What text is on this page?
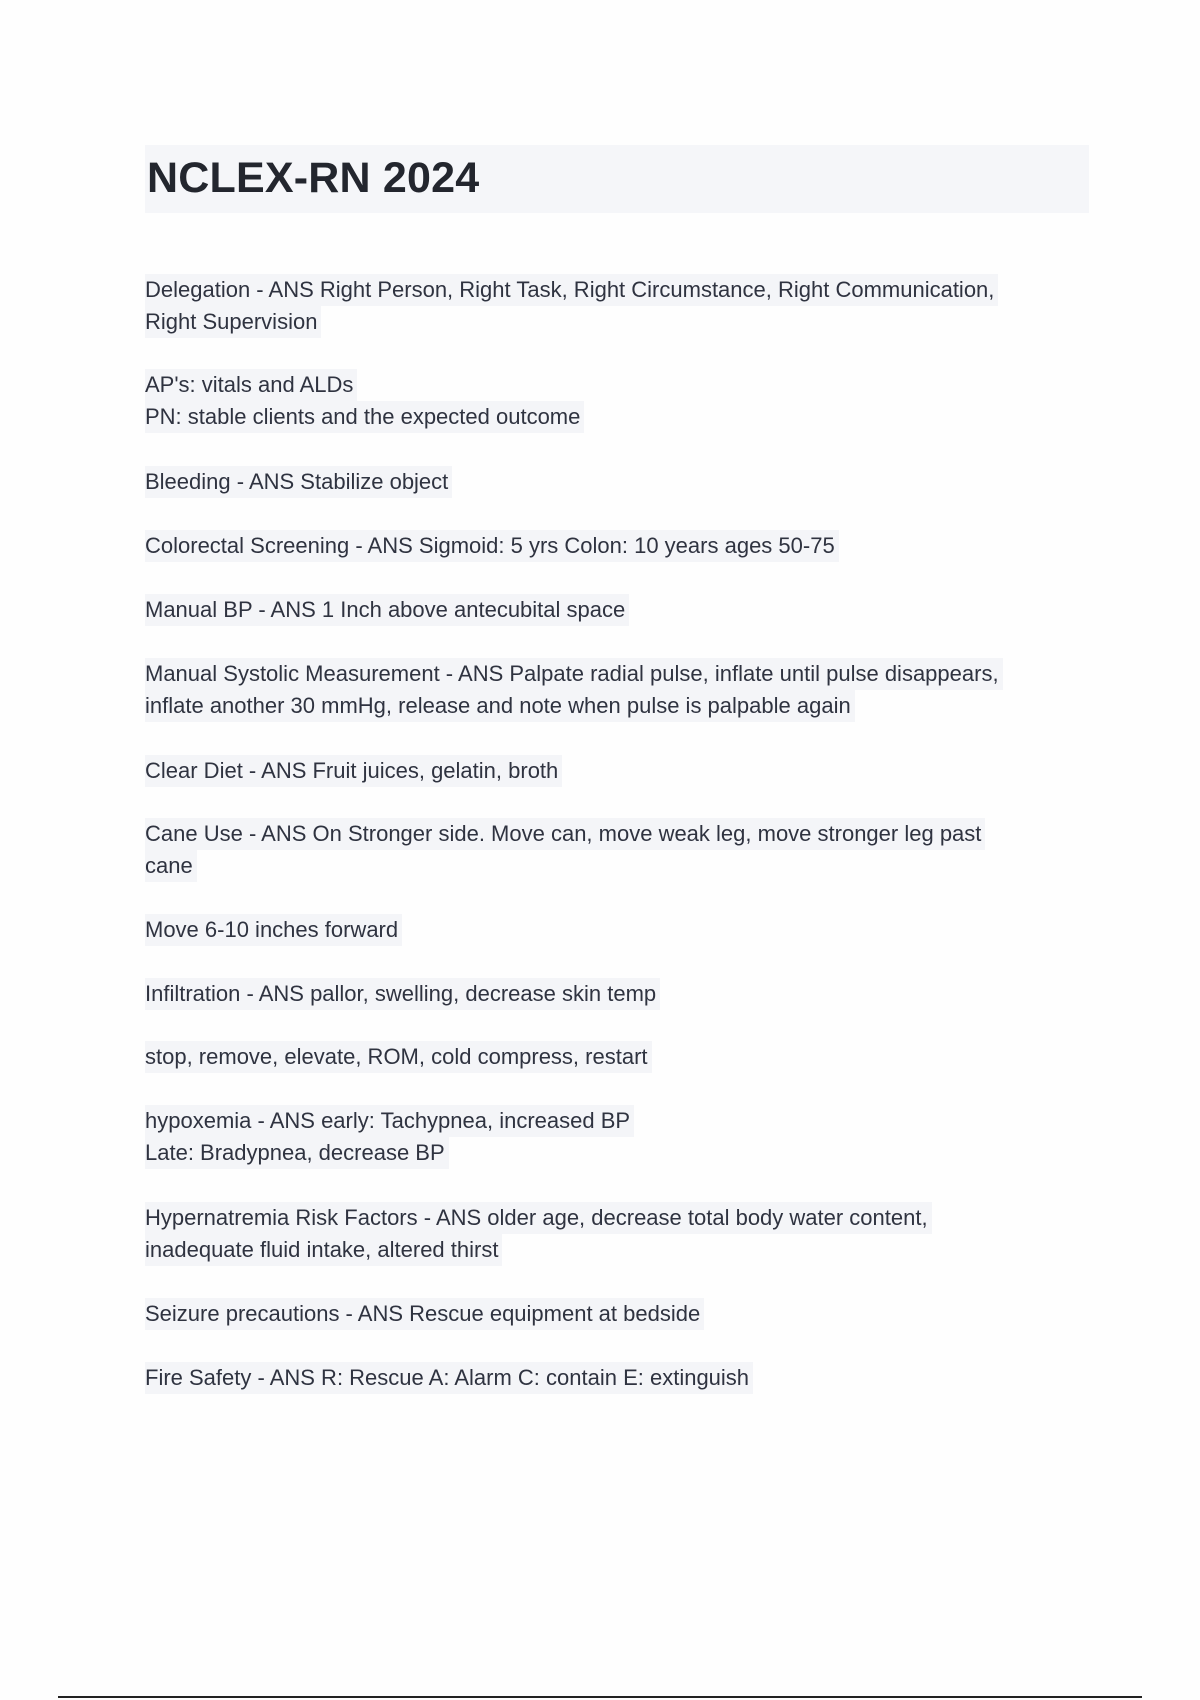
NCLEX-RN 2024

Delegation - ANS Right Person, Right Task, Right Circumstance, Right Communication,
Right Supervision

AP's: vitals and ALDs
PN: stable clients and the expected outcome

Bleeding - ANS Stabilize object

Colorectal Screening - ANS Sigmoid: 5 yrs Colon: 10 years ages 50-75

Manual BP - ANS 1 Inch above antecubital space

Manual Systolic Measurement - ANS Palpate radial pulse, inflate until pulse disappears,
inflate another 30 mmHg, release and note when pulse is palpable again

Clear Diet - ANS Fruit juices, gelatin, broth

Cane Use - ANS On Stronger side. Move can, move weak leg, move stronger leg past
cane

Move 6-10 inches forward

Infiltration - ANS pallor, swelling, decrease skin temp

stop, remove, elevate, ROM, cold compress, restart

hypoxemia - ANS early: Tachypnea, increased BP
Late: Bradypnea, decrease BP

Hypernatremia Risk Factors - ANS older age, decrease total body water content,
inadequate fluid intake, altered thirst

Seizure precautions - ANS Rescue equipment at bedside

Fire Safety - ANS R: Rescue A: Alarm C: contain E: extinguish
